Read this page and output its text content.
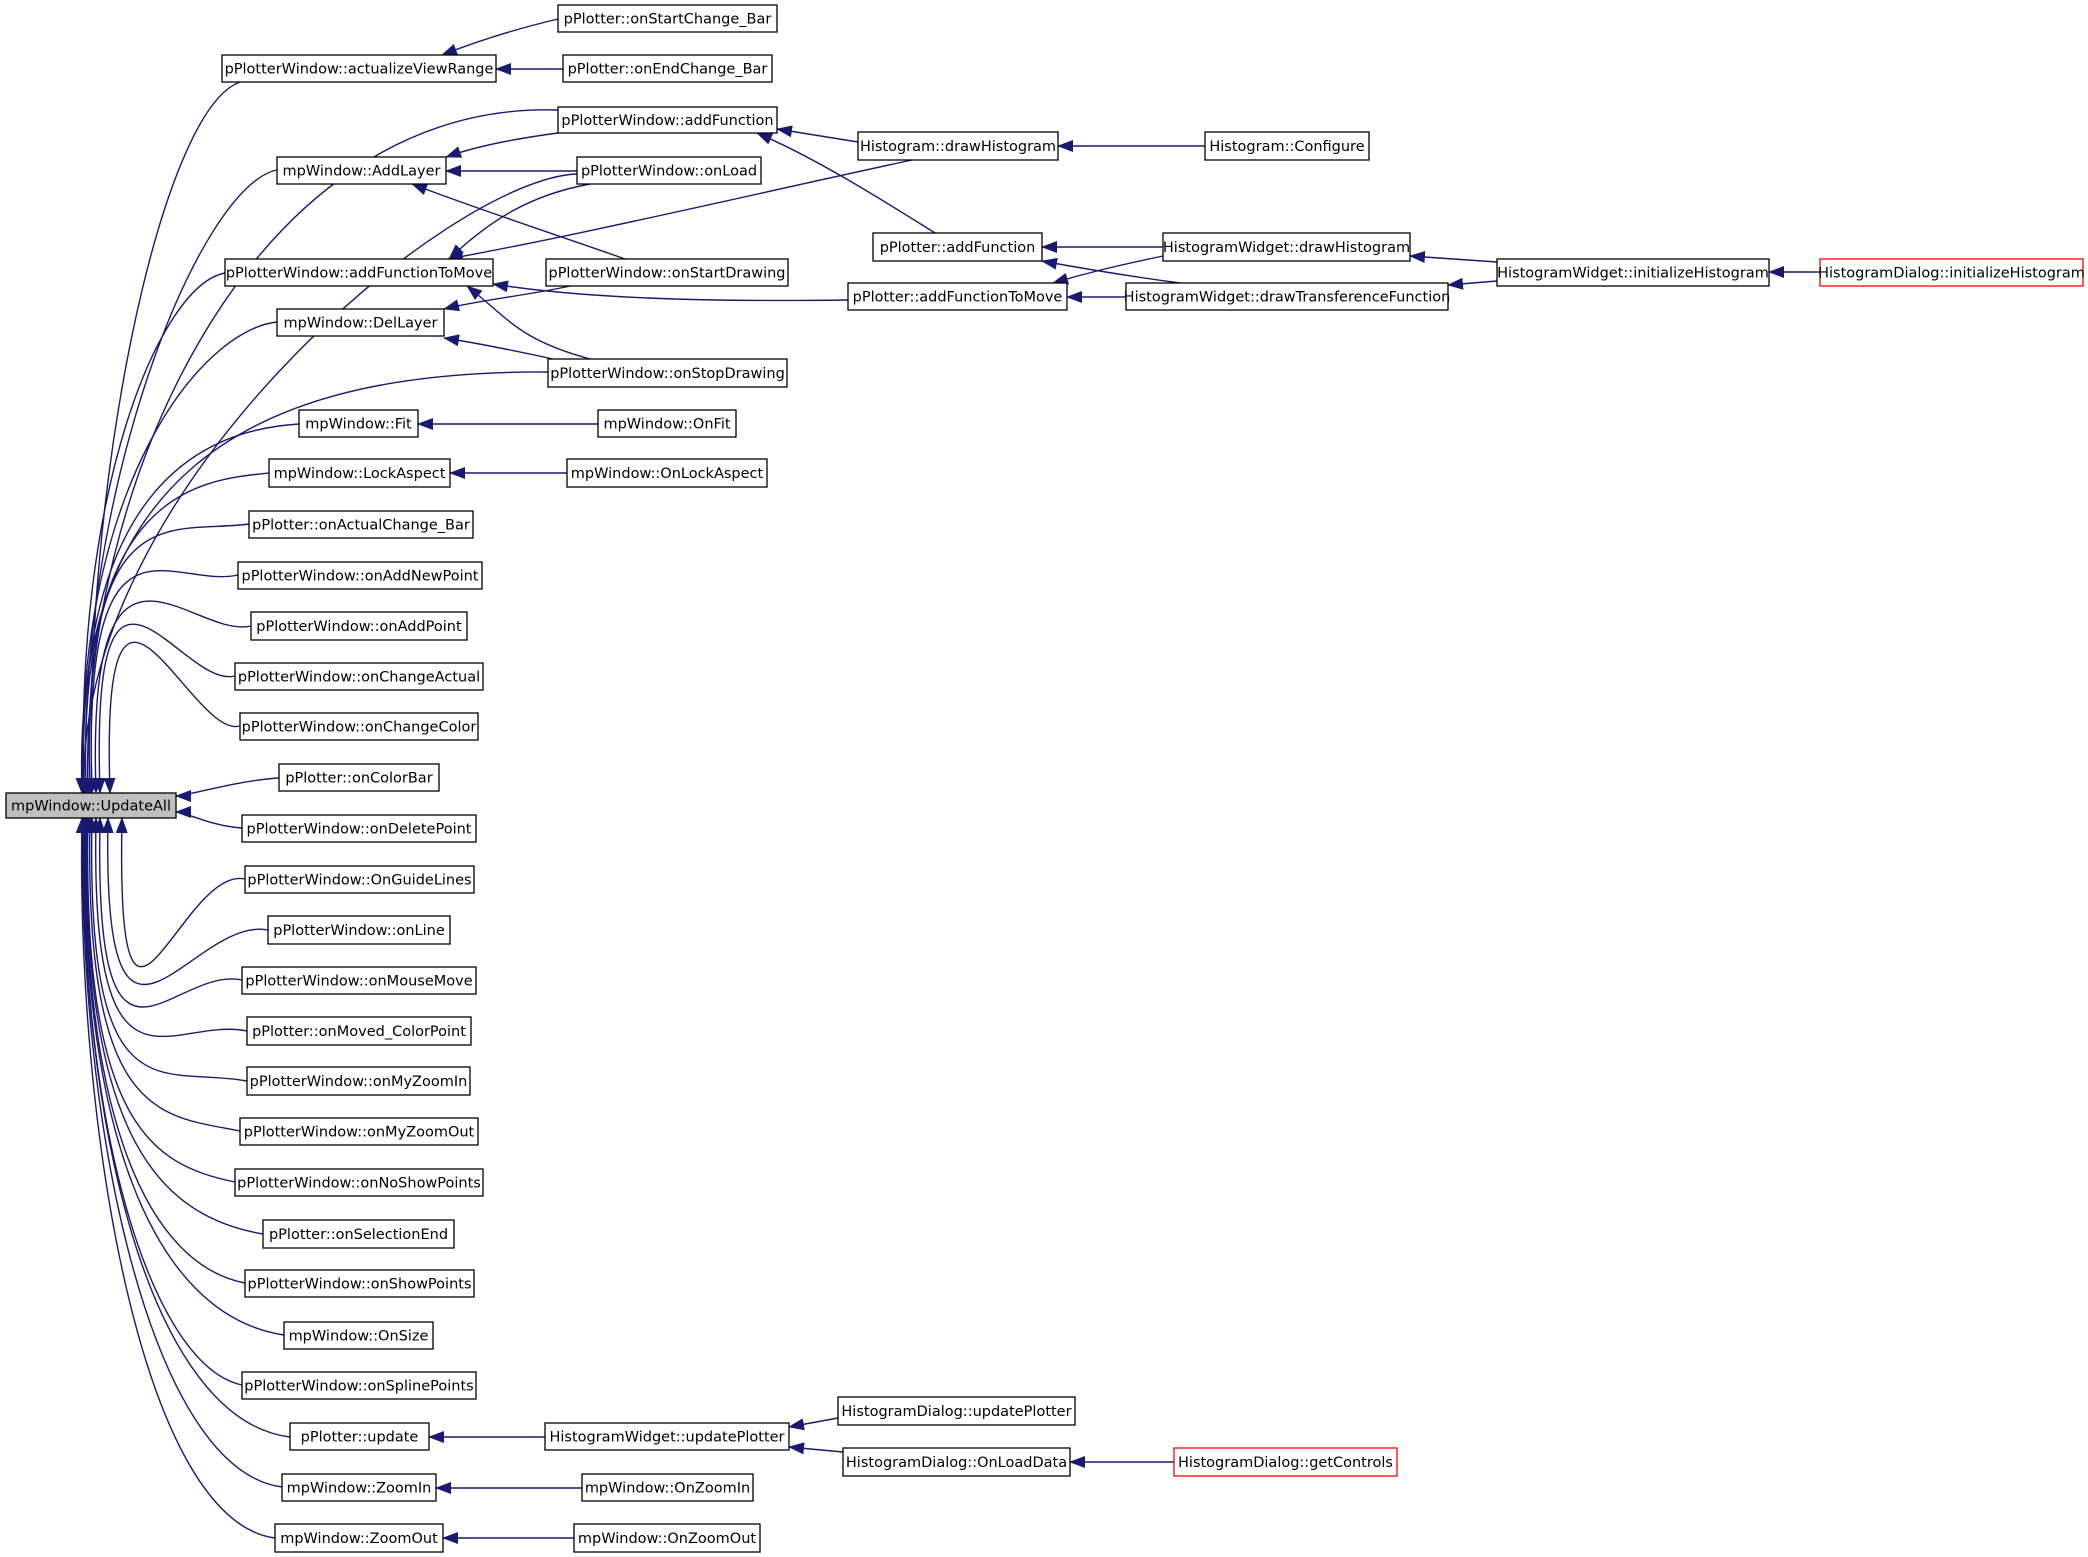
mpWindow::UpdateAll
pPlotterWindow::actualizeViewRange
pPlotter::onStartChange_Bar
pPlotter::onEndChange_Bar
pPlotterWindow::addFunction
Histogram::drawHistogram	Histogram::Configure
mpWindow::AddLayer	pPlotterWindow::onLoad
pPlotter::addFunction	HistogramWidget::drawHistogram
HistogramWidget::initializeHistogram	HistogramDialog::initializeHistogram
pPlotterWindow::addFunctionToMove	pPlotterWindow::onStartDrawing
pPlotter::addFunctionToMove	HistogramWidget::drawTransferenceFunction
mpWindow::DelLayer
pPlotterWindow::onStopDrawing
mpWindow::Fit	mpWindow::OnFit
mpWindow::LockAspect	mpWindow::OnLockAspect
pPlotter::onActualChange_Bar
pPlotterWindow::onAddNewPoint
pPlotterWindow::onAddPoint
pPlotterWindow::onChangeActual
pPlotterWindow::onChangeColor
pPlotter::onColorBar
pPlotterWindow::onDeletePoint
pPlotterWindow::OnGuideLines
pPlotterWindow::onLine
pPlotterWindow::onMouseMove
pPlotter::onMoved_ColorPoint
pPlotterWindow::onMyZoomIn
pPlotterWindow::onMyZoomOut
pPlotterWindow::onNoShowPoints
pPlotter::onSelectionEnd
pPlotterWindow::onShowPoints
mpWindow::OnSize
pPlotterWindow::onSplinePoints
pPlotter::update	HistogramWidget::updatePlotter
HistogramDialog::updatePlotter
HistogramDialog::OnLoadData	HistogramDialog::getControls
mpWindow::ZoomIn	mpWindow::OnZoomIn
mpWindow::ZoomOut	mpWindow::OnZoomOut
